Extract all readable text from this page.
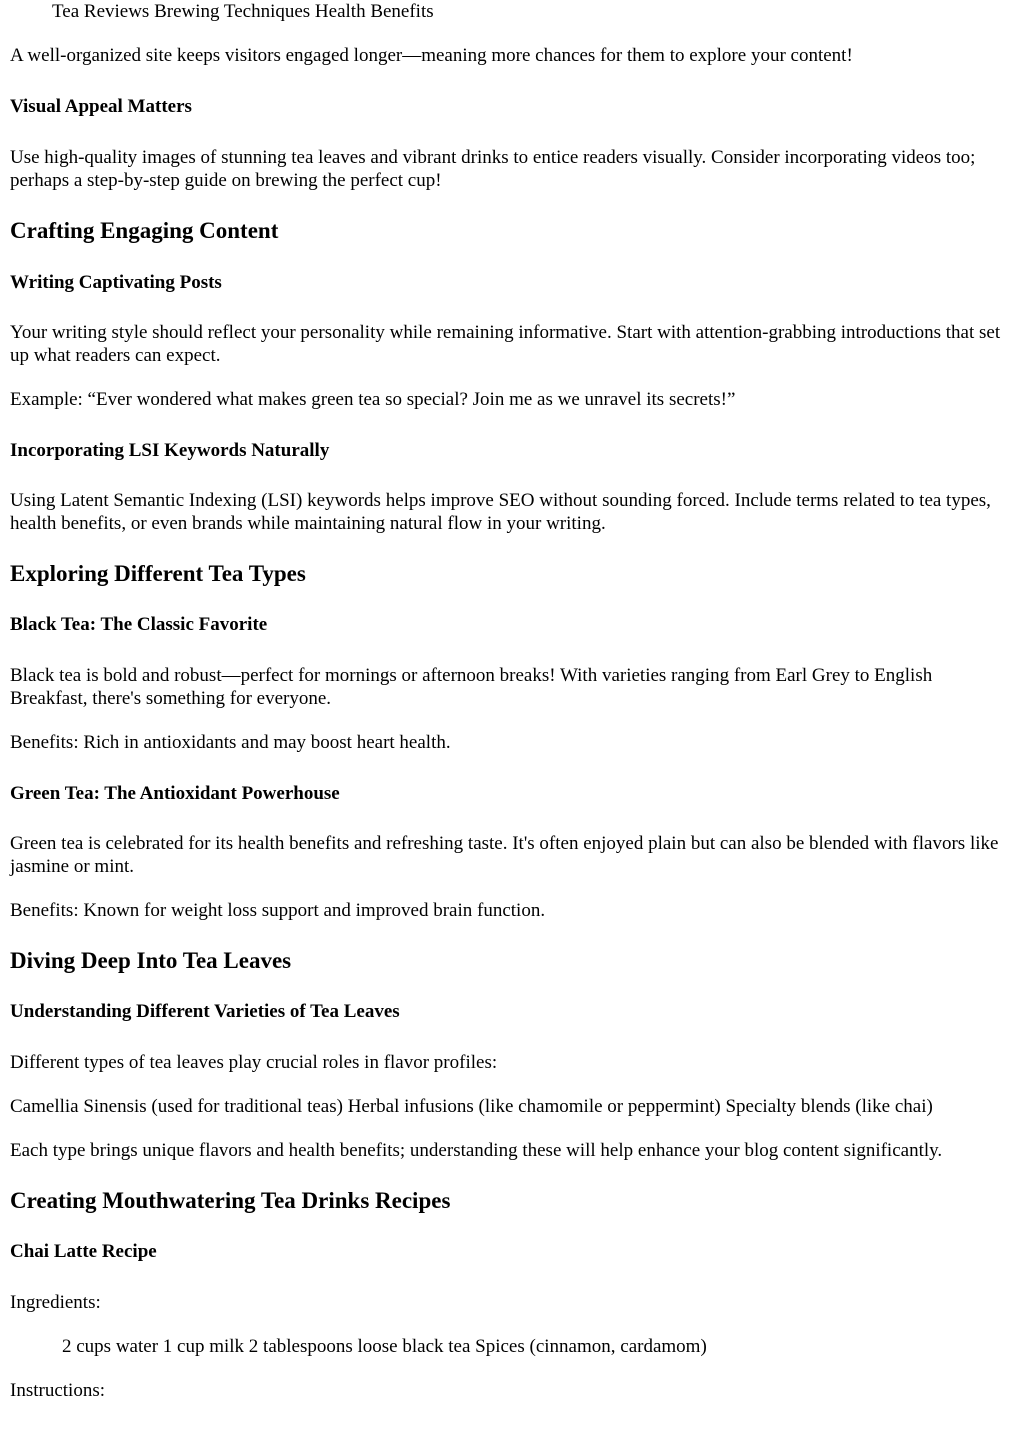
Tea Reviews Brewing Techniques Health Benefits

A well-organized site keeps visitors engaged longer—meaning more chances for them to explore your content!

Visual Appeal Matters

Use high-quality images of stunning tea leaves and vibrant drinks to entice readers visually. Consider incorporating videos too; perhaps a step-by-step guide on brewing the perfect cup!

Crafting Engaging Content
Writing Captivating Posts

Your writing style should reflect your personality while remaining informative. Start with attention-grabbing introductions that set up what readers can expect.

Example: “Ever wondered what makes green tea so special? Join me as we unravel its secrets!”

Incorporating LSI Keywords Naturally

Using Latent Semantic Indexing (LSI) keywords helps improve SEO without sounding forced. Include terms related to tea types, health benefits, or even brands while maintaining natural flow in your writing.

Exploring Different Tea Types
Black Tea: The Classic Favorite

Black tea is bold and robust—perfect for mornings or afternoon breaks! With varieties ranging from Earl Grey to English Breakfast, there's something for everyone.

Benefits: Rich in antioxidants and may boost heart health.

Green Tea: The Antioxidant Powerhouse

Green tea is celebrated for its health benefits and refreshing taste. It's often enjoyed plain but can also be blended with flavors like jasmine or mint.

Benefits: Known for weight loss support and improved brain function.

Diving Deep Into Tea Leaves
Understanding Different Varieties of Tea Leaves

Different types of tea leaves play crucial roles in flavor profiles:

Camellia Sinensis (used for traditional teas) Herbal infusions (like chamomile or peppermint) Specialty blends (like chai)

Each type brings unique flavors and health benefits; understanding these will help enhance your blog content significantly.

Creating Mouthwatering Tea Drinks Recipes
Chai Latte Recipe

Ingredients:

2 cups water 1 cup milk 2 tablespoons loose black tea Spices (cinnamon, cardamom)

Instructions:
